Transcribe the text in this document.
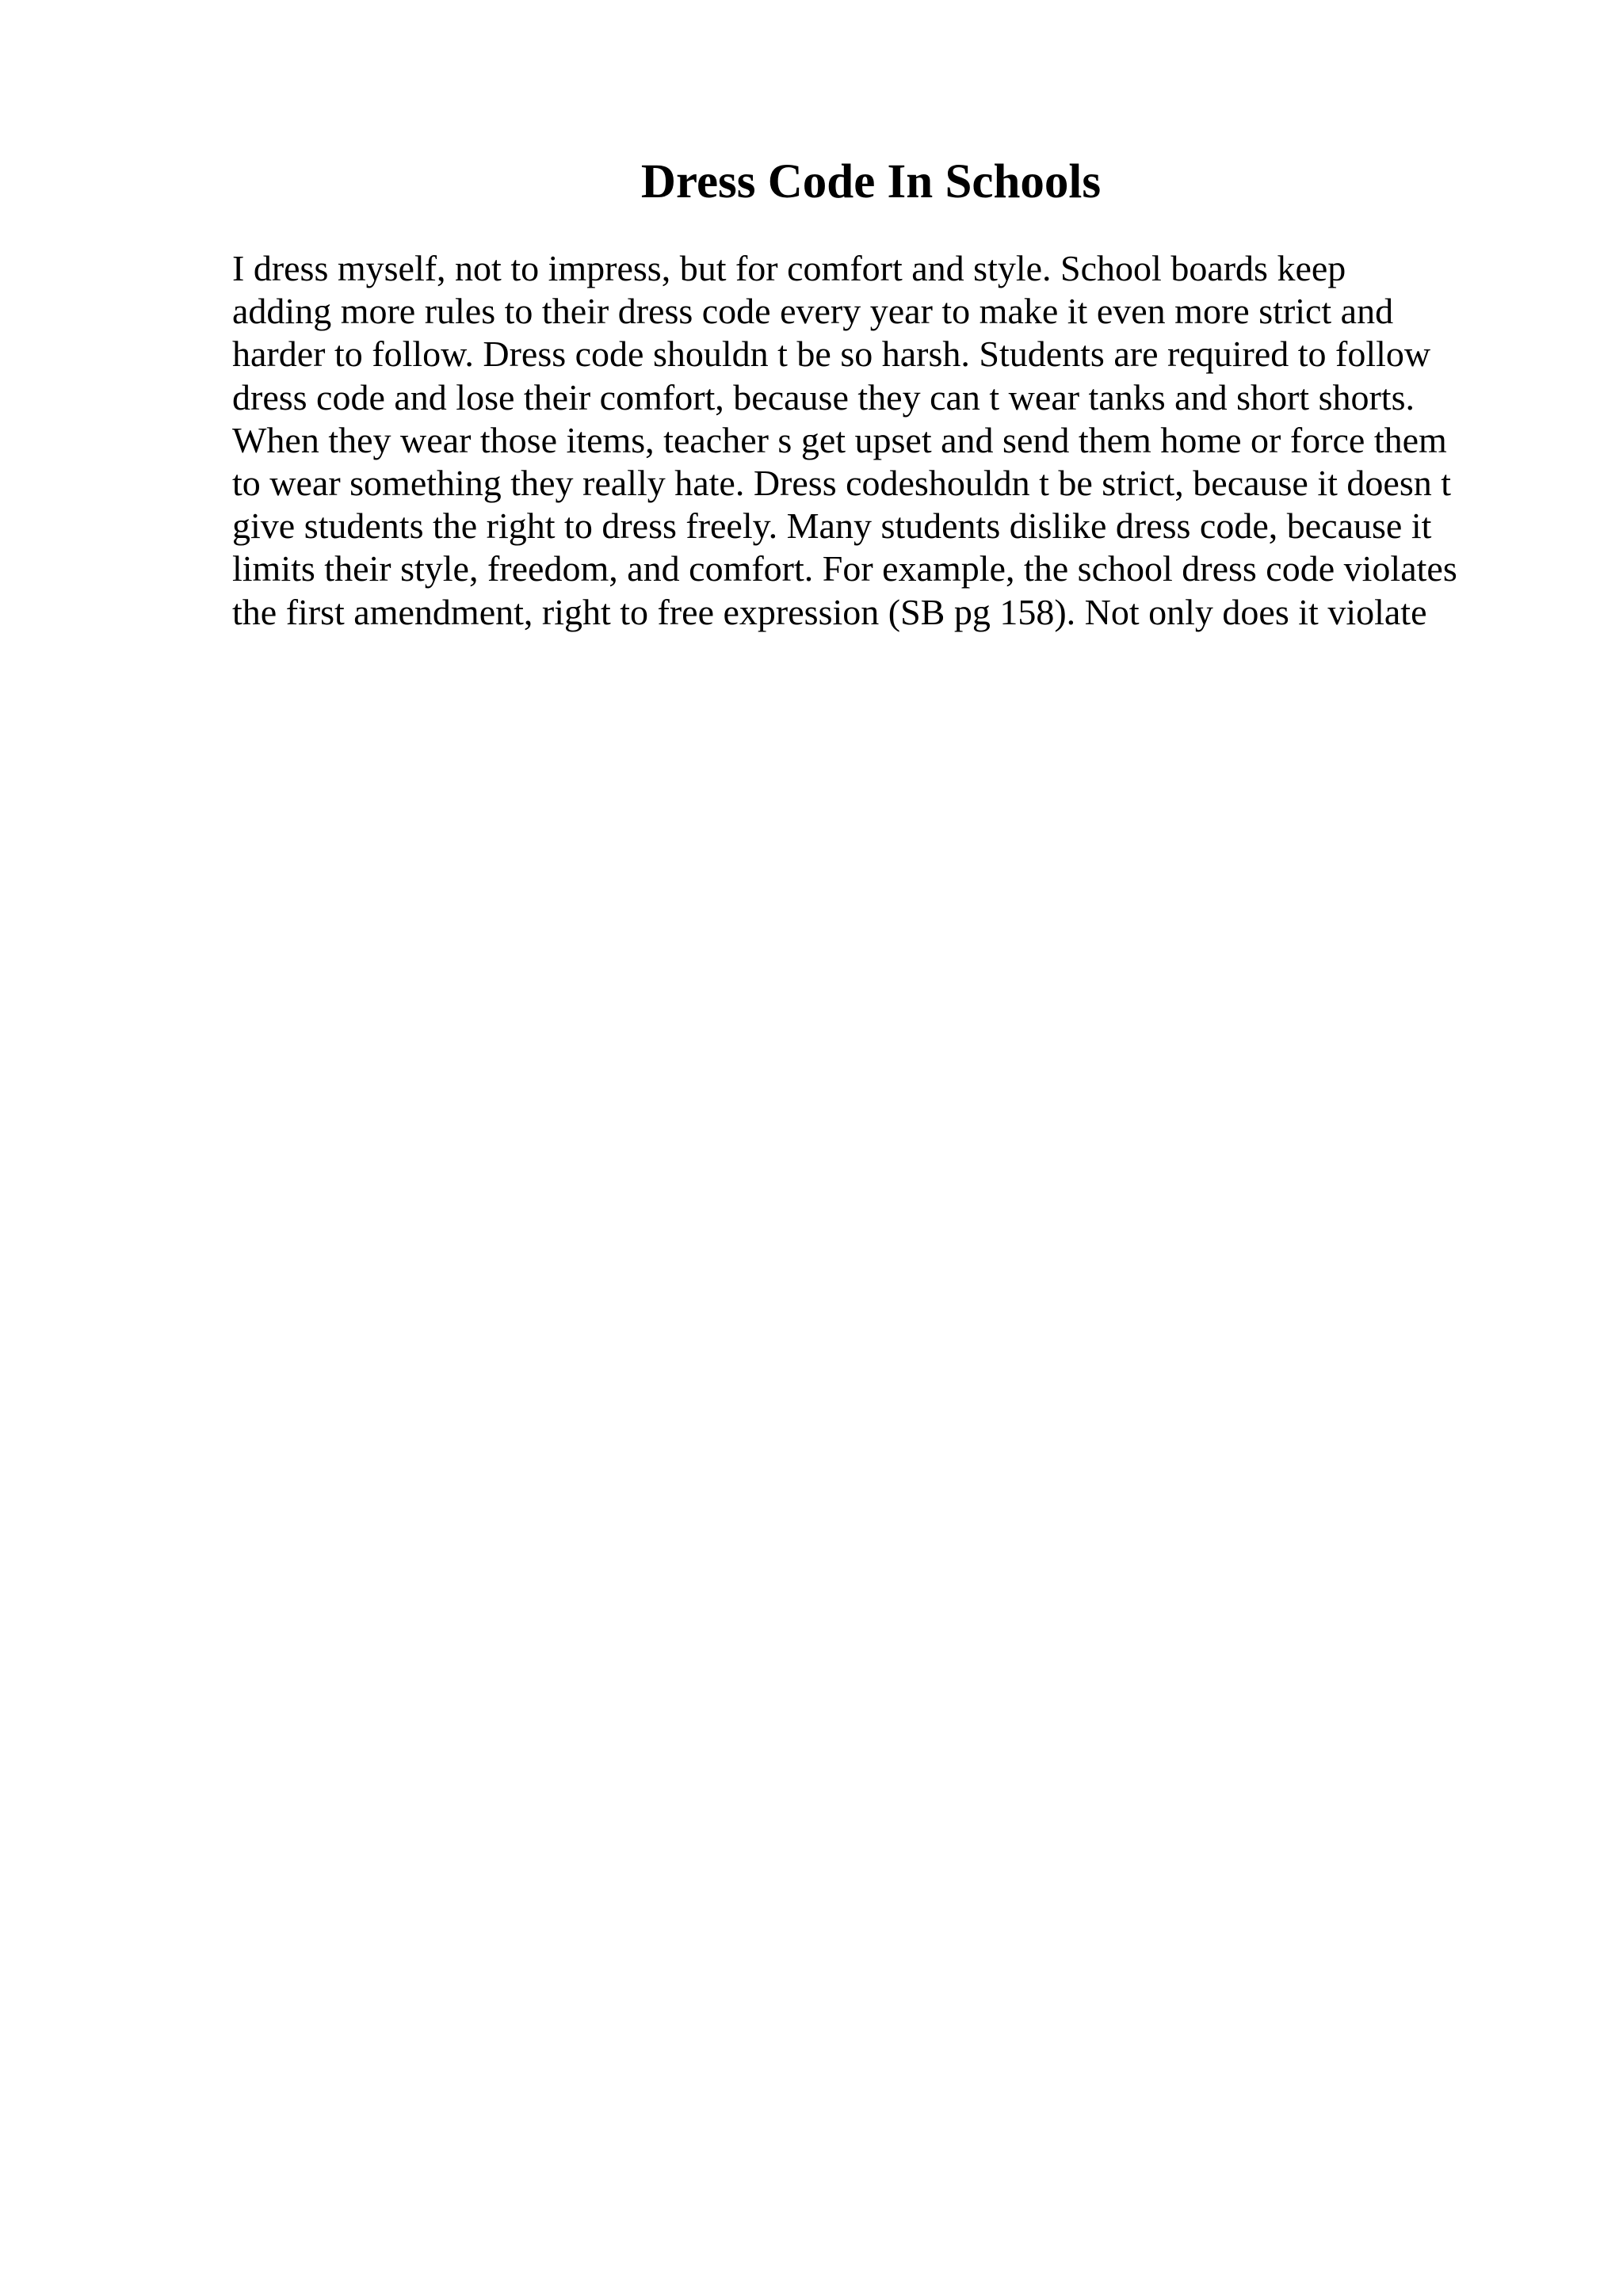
Dress Code In Schools

I dress myself, not to impress, but for comfort and style. School boards keep
adding more rules to their dress code every year to make it even more strict and
harder to follow. Dress code shouldn t be so harsh. Students are required to follow
dress code and lose their comfort, because they can t wear tanks and short shorts.
When they wear those items, teacher s get upset and send them home or force them
to wear something they really hate. Dress codeshouldn t be strict, because it doesn t
give students the right to dress freely. Many students dislike dress code, because it
limits their style, freedom, and comfort. For example, the school dress code violates
the first amendment, right to free expression (SB pg 158). Not only does it violate
